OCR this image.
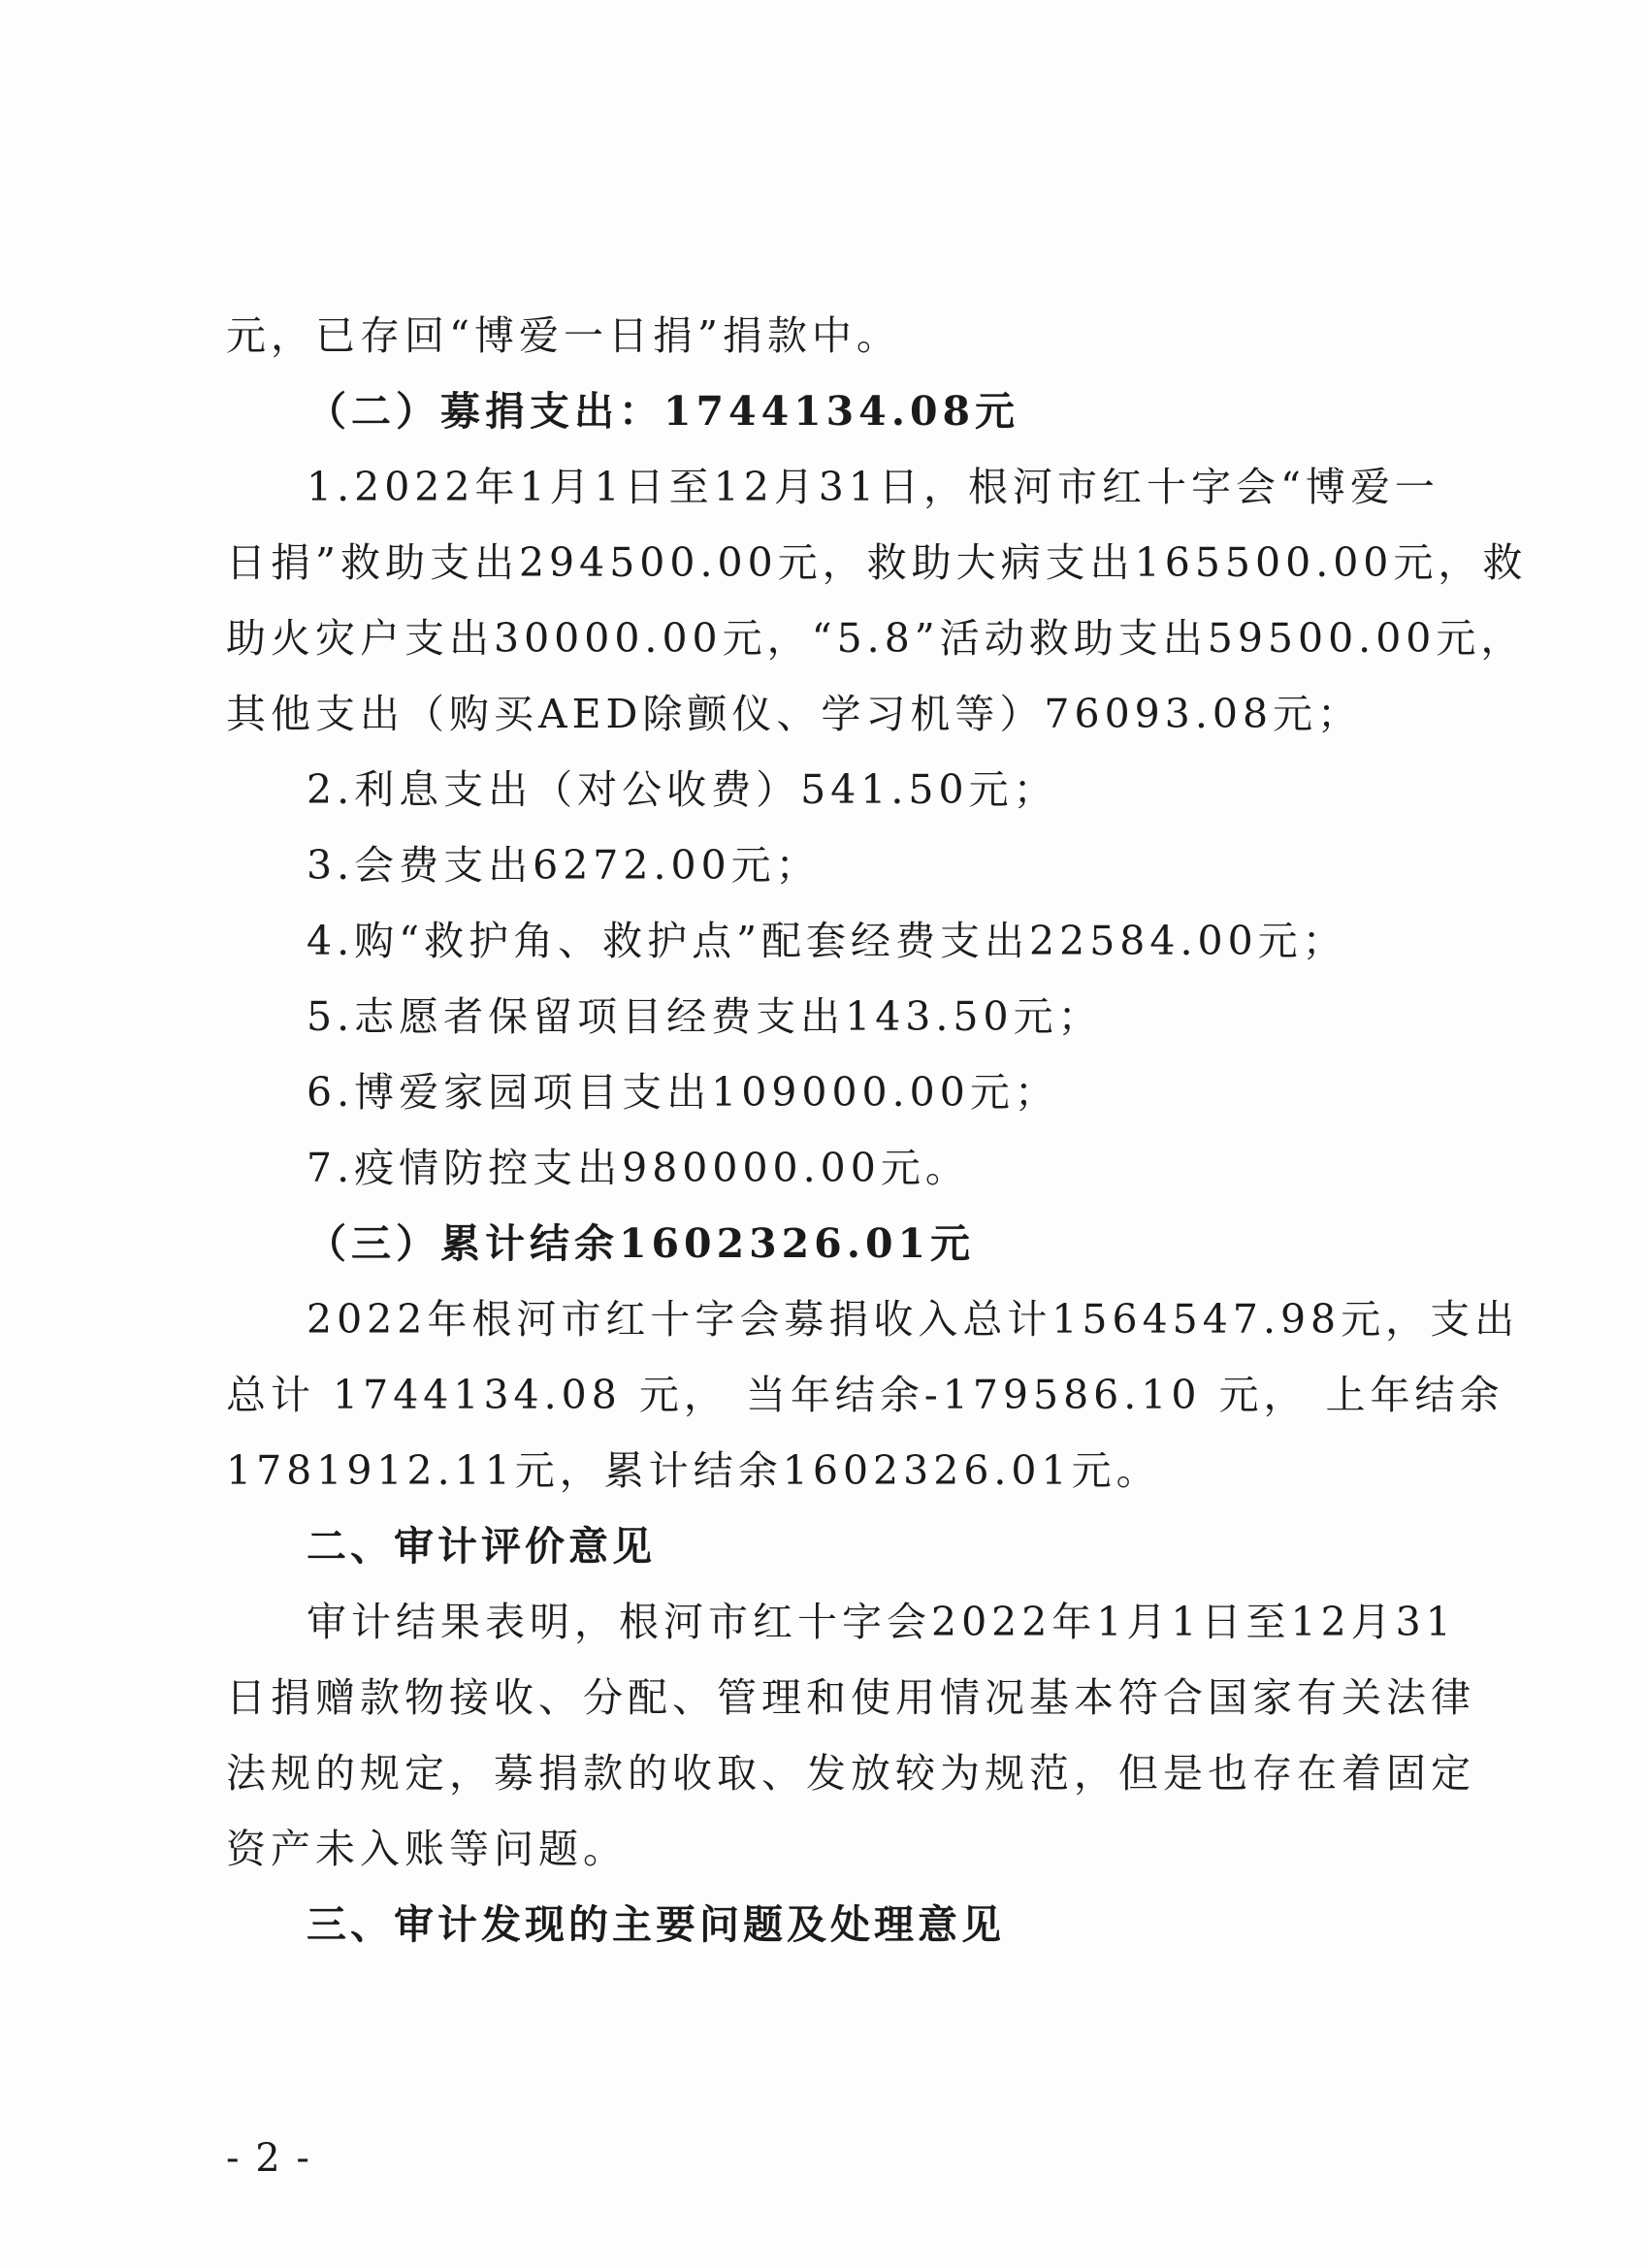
元，已存回“博爱一日捐”捐款中。
（二）募捐支出：1744134.08元
1.2022年1月1日至12月31日，根河市红十字会“博爱一
日捐”救助支出294500.00元，救助大病支出165500.00元，救
助火灾户支出30000.00元，“5.8”活动救助支出59500.00元，
其他支出（购买AED除颤仪、学习机等）76093.08元；
2.利息支出（对公收费）541.50元；
3.会费支出6272.00元；
4.购“救护角、救护点”配套经费支出22584.00元；
5.志愿者保留项目经费支出143.50元；
6.博爱家园项目支出109000.00元；
7.疫情防控支出980000.00元。
（三）累计结余1602326.01元
2022年根河市红十字会募捐收入总计1564547.98元，支出
总计 1744134.08 元， 当年结余-179586.10 元， 上年结余
1781912.11元，累计结余1602326.01元。
二、审计评价意见
审计结果表明，根河市红十字会2022年1月1日至12月31
日捐赠款物接收、分配、管理和使用情况基本符合国家有关法律
法规的规定，募捐款的收取、发放较为规范，但是也存在着固定
资产未入账等问题。
三、审计发现的主要问题及处理意见
- 2 -
